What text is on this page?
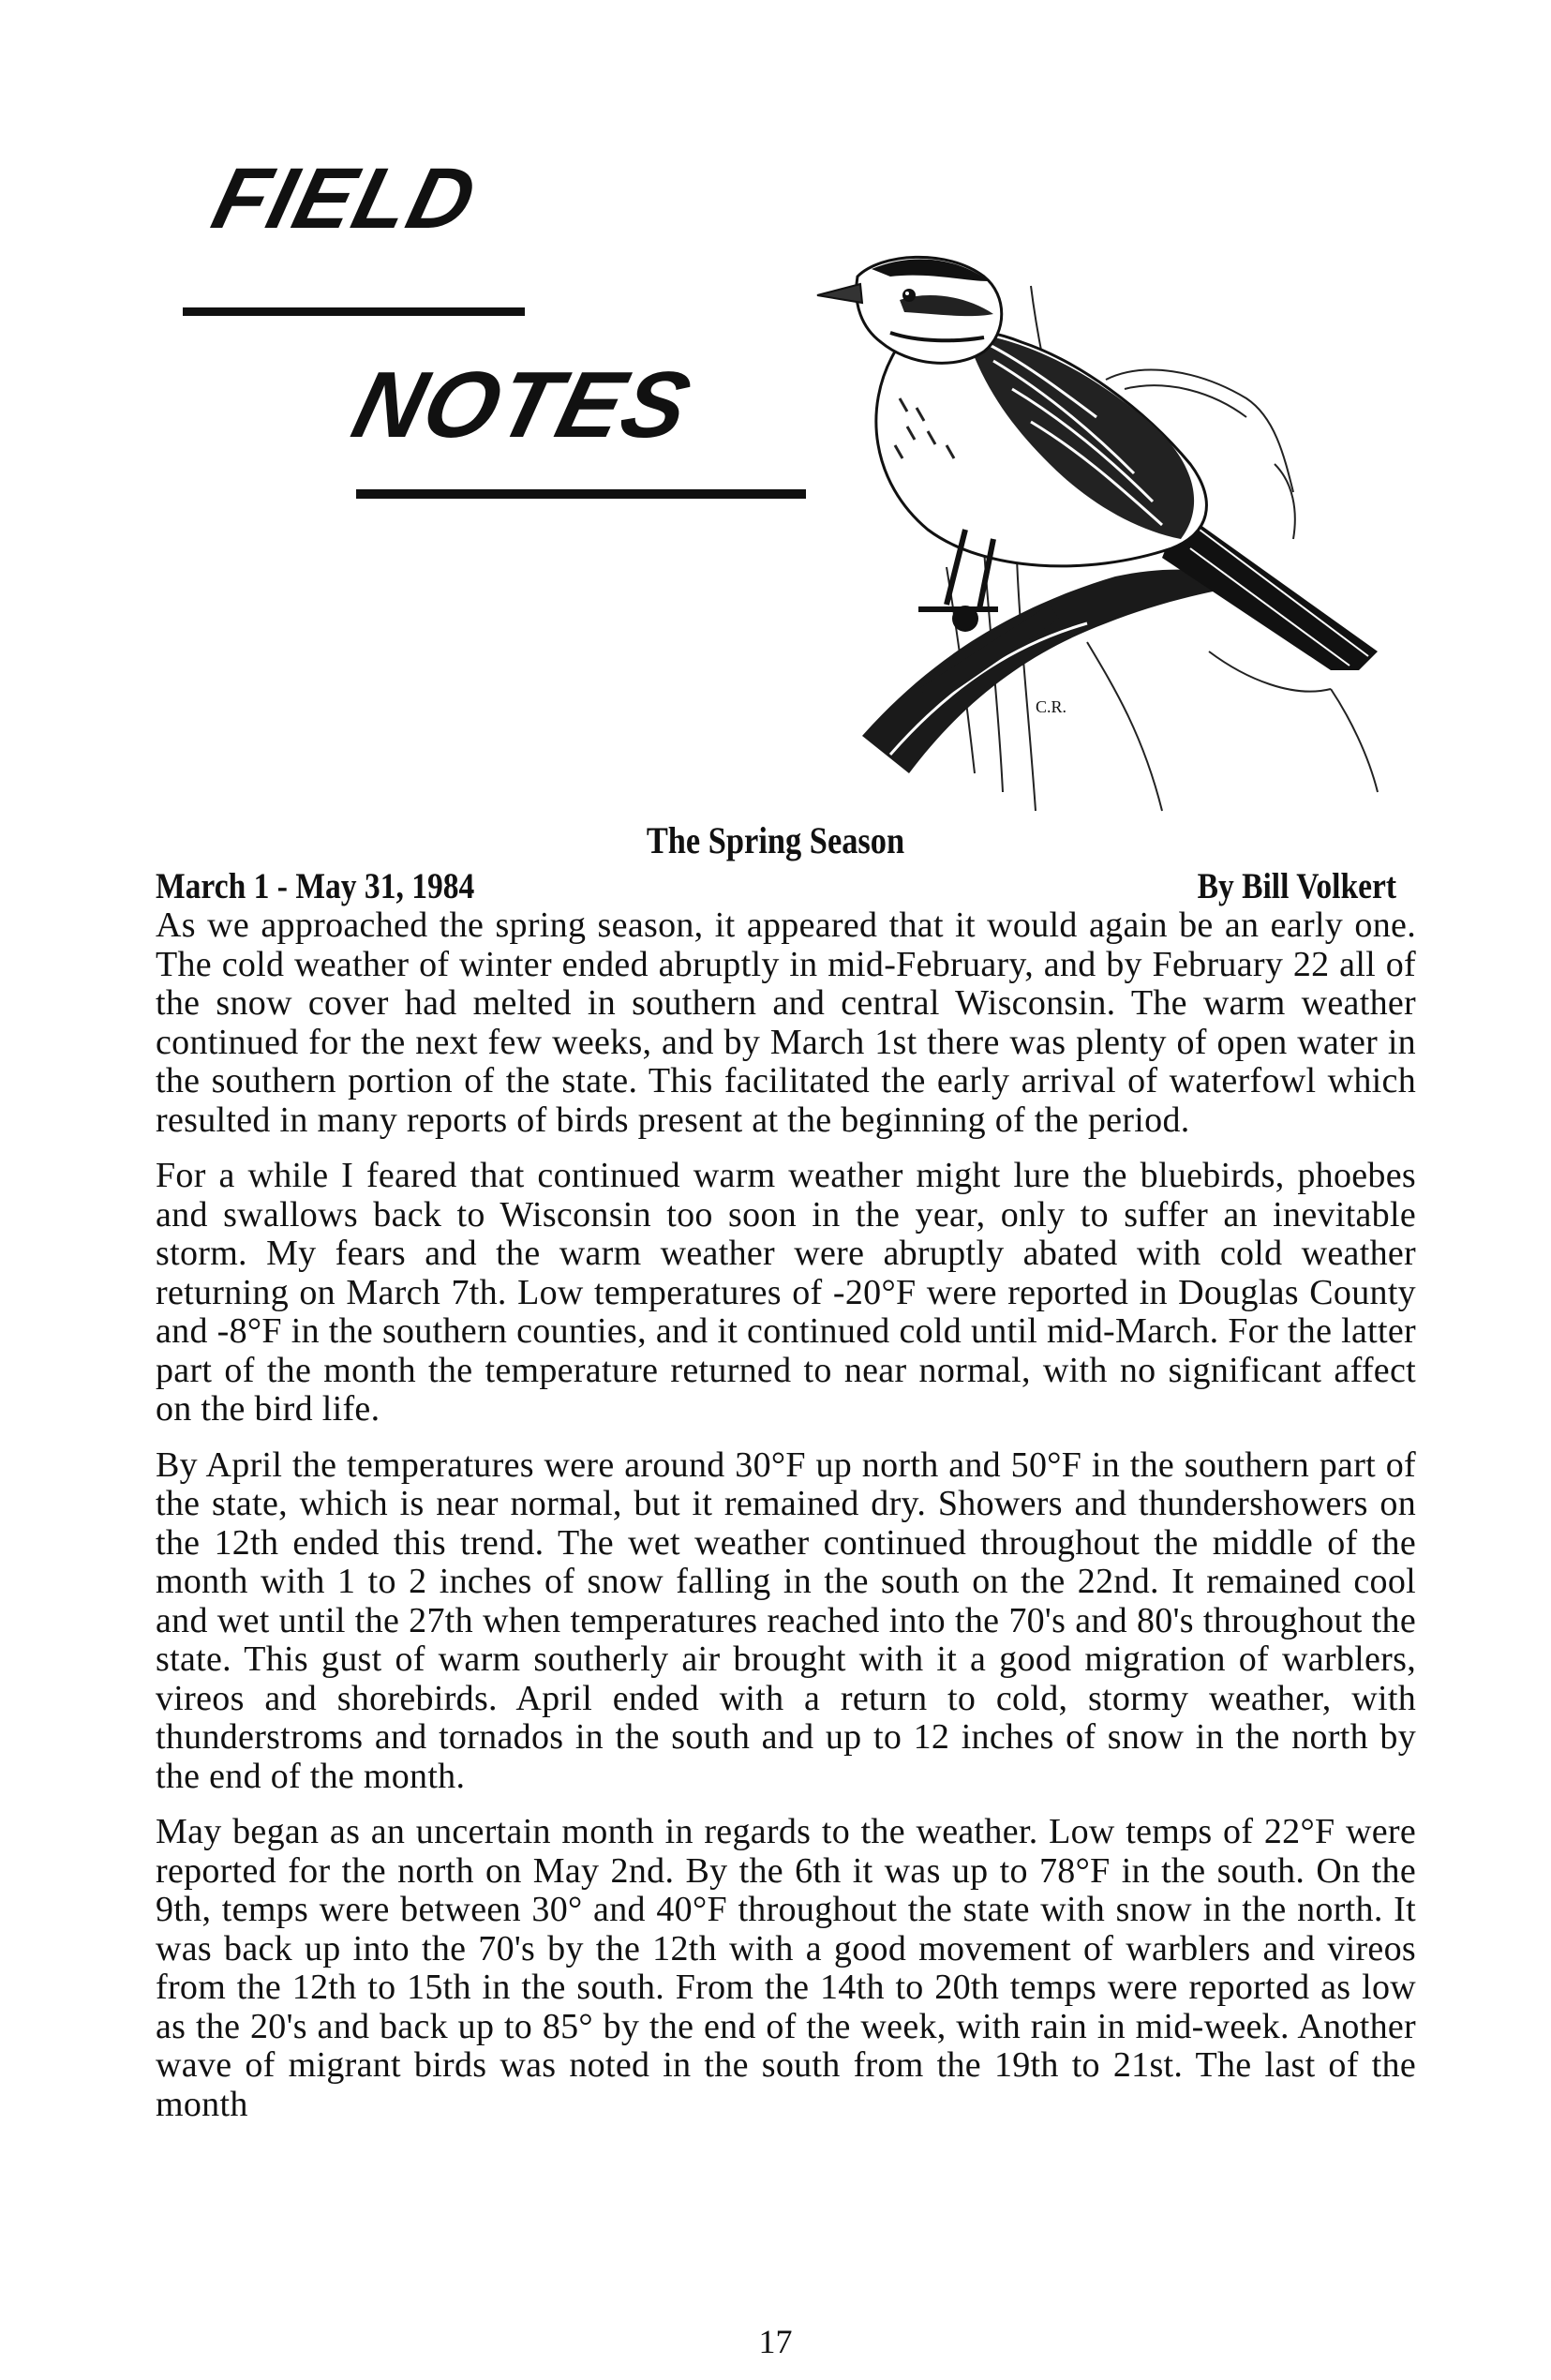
FIELD
NOTES
C.R.
The Spring Season
March 1 - May 31, 1984	By Bill Volkert

As we approached the spring season, it appeared that it would again be an early one. The cold weather of winter ended abruptly in mid-February, and by February 22 all of the snow cover had melted in southern and central Wisconsin. The warm weather continued for the next few weeks, and by March 1st there was plenty of open water in the southern portion of the state. This facilitated the early arrival of waterfowl which resulted in many reports of birds present at the beginning of the period.

For a while I feared that continued warm weather might lure the bluebirds, phoebes and swallows back to Wisconsin too soon in the year, only to suffer an inevitable storm. My fears and the warm weather were abruptly abated with cold weather returning on March 7th. Low temperatures of -20°F were reported in Douglas County and -8°F in the southern counties, and it continued cold until mid-March. For the latter part of the month the temperature returned to near normal, with no significant affect on the bird life.

By April the temperatures were around 30°F up north and 50°F in the southern part of the state, which is near normal, but it remained dry. Showers and thundershowers on the 12th ended this trend. The wet weather continued throughout the middle of the month with 1 to 2 inches of snow falling in the south on the 22nd. It remained cool and wet until the 27th when temperatures reached into the 70's and 80's throughout the state. This gust of warm southerly air brought with it a good migration of warblers, vireos and shorebirds. April ended with a return to cold, stormy weather, with thunderstroms and tornados in the south and up to 12 inches of snow in the north by the end of the month.

May began as an uncertain month in regards to the weather. Low temps of 22°F were reported for the north on May 2nd. By the 6th it was up to 78°F in the south. On the 9th, temps were between 30° and 40°F throughout the state with snow in the north. It was back up into the 70's by the 12th with a good movement of warblers and vireos from the 12th to 15th in the south. From the 14th to 20th temps were reported as low as the 20's and back up to 85° by the end of the week, with rain in mid-week. Another wave of migrant birds was noted in the south from the 19th to 21st. The last of the month

17
